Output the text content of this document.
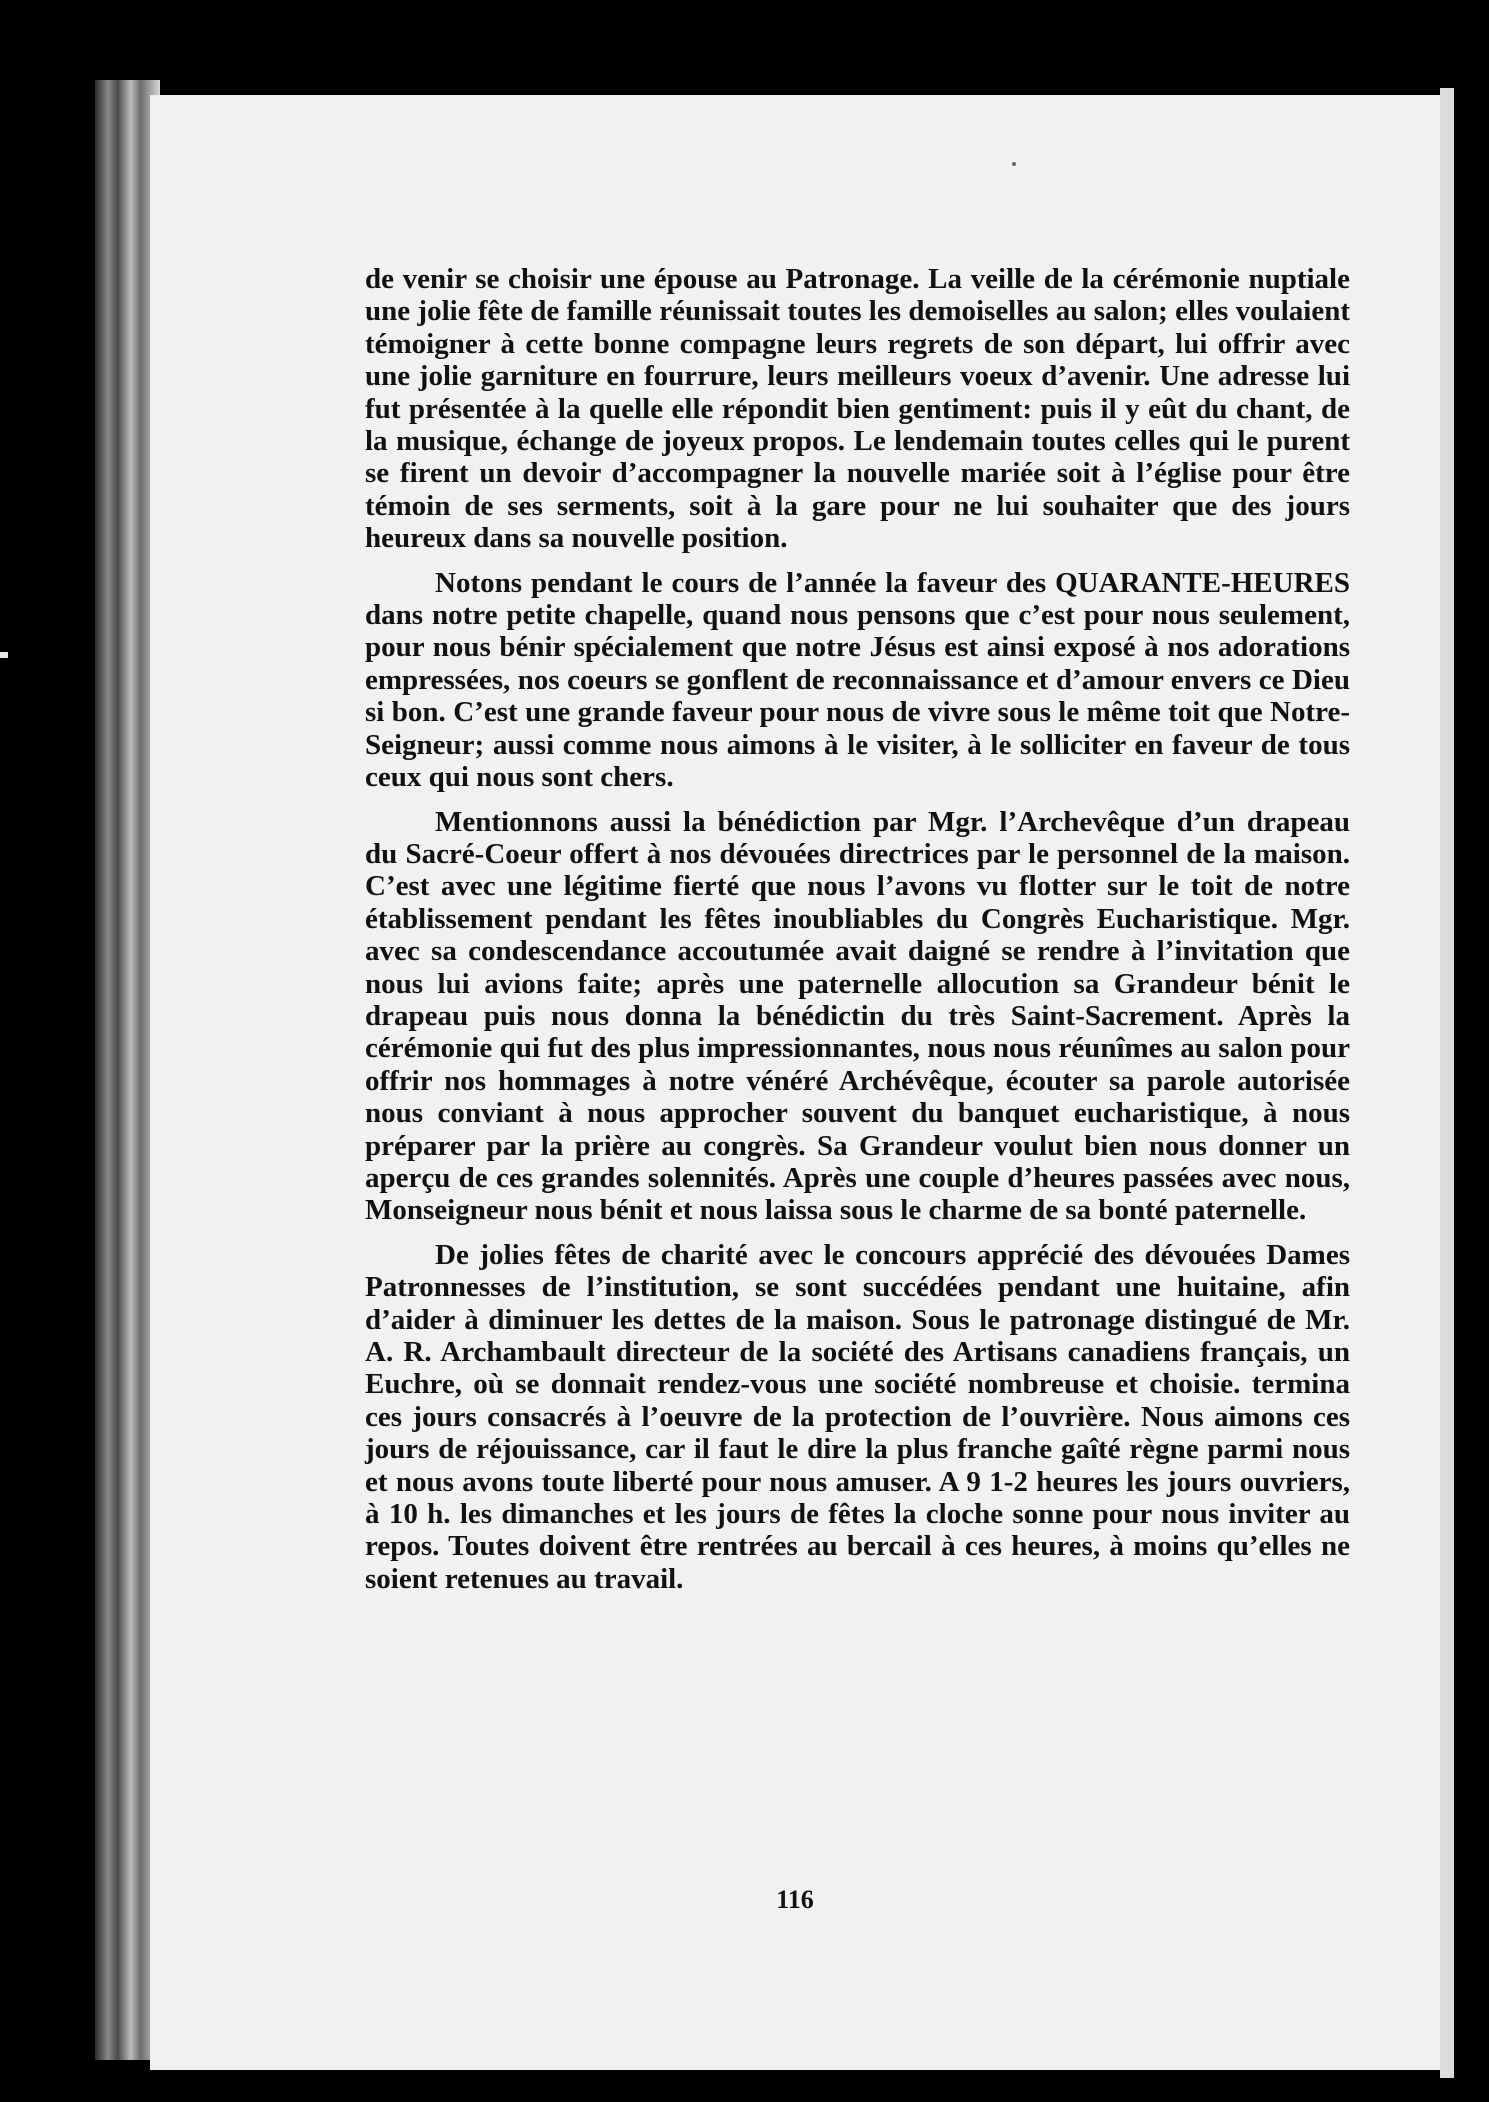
de venir se choisir une épouse au Patronage. La veille de la cérémonie nuptiale une jolie fête de famille réunissait toutes les demoiselles au salon; elles voulaient témoigner à cette bonne compagne leurs regrets de son départ, lui offrir avec une jolie garniture en fourrure, leurs meilleurs voeux d’avenir. Une adresse lui fut présentée à la quelle elle répondit bien gentiment: puis il y eût du chant, de la musique, échange de joyeux propos. Le lendemain toutes celles qui le purent se firent un devoir d’accompagner la nouvelle mariée soit à l’église pour être témoin de ses serments, soit à la gare pour ne lui souhaiter que des jours heureux dans sa nouvelle position.

Notons pendant le cours de l’année la faveur des QUARANTE-HEURES dans notre petite chapelle, quand nous pensons que c’est pour nous seulement, pour nous bénir spécialement que notre Jésus est ainsi exposé à nos adorations empressées, nos coeurs se gonflent de reconnaissance et d’amour envers ce Dieu si bon. C’est une grande faveur pour nous de vivre sous le même toit que Notre-Seigneur; aussi comme nous aimons à le visiter, à le solliciter en faveur de tous ceux qui nous sont chers.

Mentionnons aussi la bénédiction par Mgr. l’Archevêque d’un drapeau du Sacré-Coeur offert à nos dévouées directrices par le personnel de la maison. C’est avec une légitime fierté que nous l’avons vu flotter sur le toit de notre établissement pendant les fêtes inoubliables du Congrès Eucharistique. Mgr. avec sa condescendance accoutumée avait daigné se rendre à l’invitation que nous lui avions faite; après une paternelle allocution sa Grandeur bénit le drapeau puis nous donna la bénédictin du très Saint-Sacrement. Après la cérémonie qui fut des plus impressionnantes, nous nous réunîmes au salon pour offrir nos hommages à notre vénéré Archévêque, écouter sa parole autorisée nous conviant à nous approcher souvent du banquet eucharistique, à nous préparer par la prière au congrès. Sa Grandeur voulut bien nous donner un aperçu de ces grandes solennités. Après une couple d’heures passées avec nous, Monseigneur nous bénit et nous laissa sous le charme de sa bonté paternelle.

De jolies fêtes de charité avec le concours apprécié des dévouées Dames Patronnesses de l’institution, se sont succédées pendant une huitaine, afin d’aider à diminuer les dettes de la maison. Sous le patronage distingué de Mr. A. R. Archambault directeur de la société des Artisans canadiens français, un Euchre, où se donnait rendez-vous une société nombreuse et choisie. termina ces jours consacrés à l’oeuvre de la protection de l’ouvrière. Nous aimons ces jours de réjouissance, car il faut le dire la plus franche gaîté règne parmi nous et nous avons toute liberté pour nous amuser. A 9 1-2 heures les jours ouvriers, à 10 h. les dimanches et les jours de fêtes la cloche sonne pour nous inviter au repos. Toutes doivent être rentrées au bercail à ces heures, à moins qu’elles ne soient retenues au travail.

116
